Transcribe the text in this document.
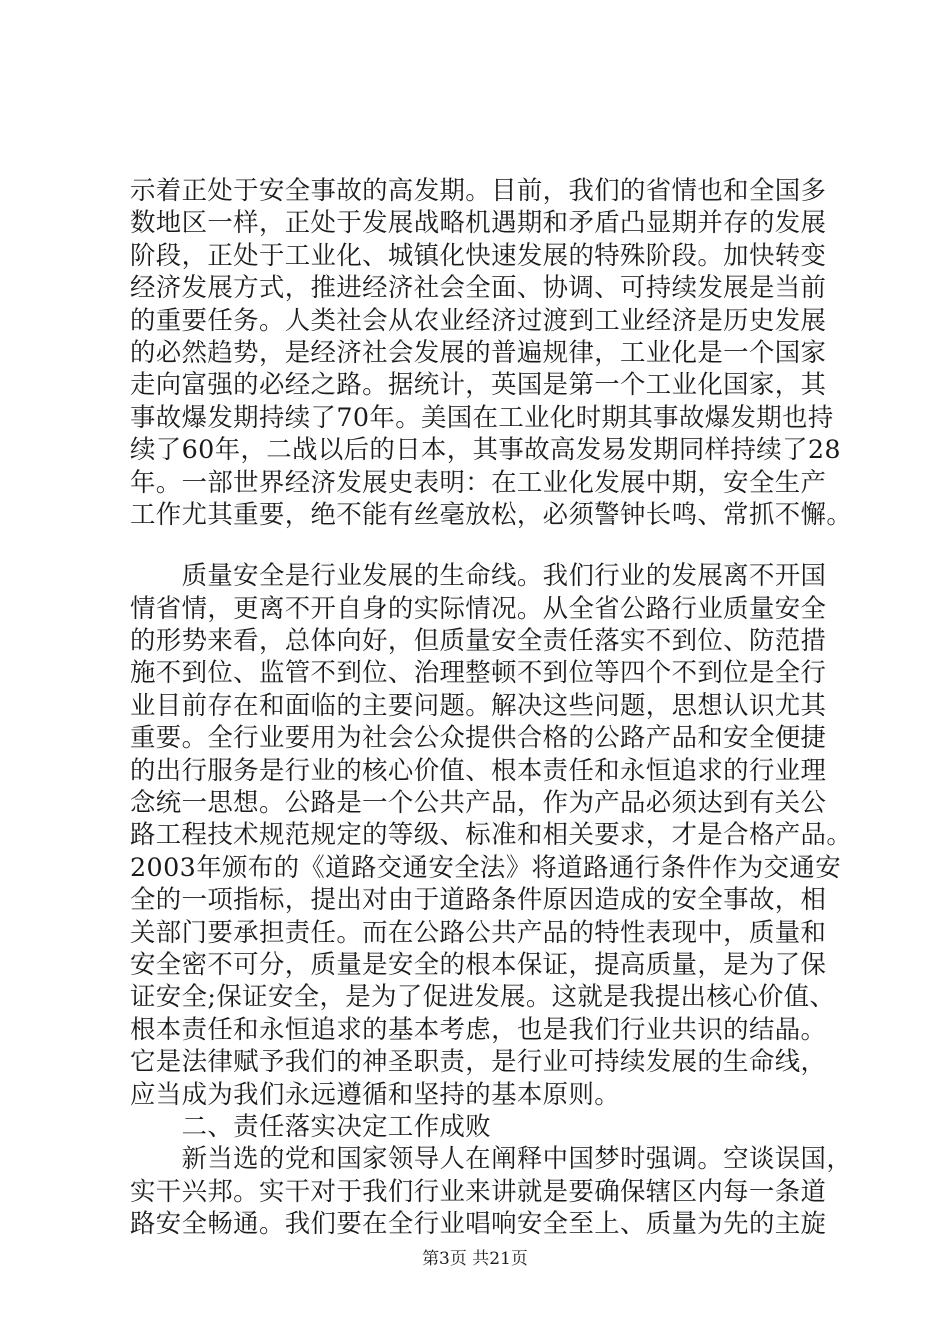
示着正处于安全事故的高发期。目前，我们的省情也和全国多
数地区一样，正处于发展战略机遇期和矛盾凸显期并存的发展
阶段，正处于工业化、城镇化快速发展的特殊阶段。加快转变
经济发展方式，推进经济社会全面、协调、可持续发展是当前
的重要任务。人类社会从农业经济过渡到工业经济是历史发展
的必然趋势，是经济社会发展的普遍规律，工业化是一个国家
走向富强的必经之路。据统计，英国是第一个工业化国家，其
事故爆发期持续了70年。美国在工业化时期其事故爆发期也持
续了60年，二战以后的日本，其事故高发易发期同样持续了28
年。一部世界经济发展史表明：在工业化发展中期，安全生产
工作尤其重要，绝不能有丝毫放松，必须警钟长鸣、常抓不懈。
　　质量安全是行业发展的生命线。我们行业的发展离不开国
情省情，更离不开自身的实际情况。从全省公路行业质量安全
的形势来看，总体向好，但质量安全责任落实不到位、防范措
施不到位、监管不到位、治理整顿不到位等四个不到位是全行
业目前存在和面临的主要问题。解决这些问题，思想认识尤其
重要。全行业要用为社会公众提供合格的公路产品和安全便捷
的出行服务是行业的核心价值、根本责任和永恒追求的行业理
念统一思想。公路是一个公共产品，作为产品必须达到有关公
路工程技术规范规定的等级、标准和相关要求，才是合格产品。
2003年颁布的《道路交通安全法》将道路通行条件作为交通安
全的一项指标，提出对由于道路条件原因造成的安全事故，相
关部门要承担责任。而在公路公共产品的特性表现中，质量和
安全密不可分，质量是安全的根本保证，提高质量，是为了保
证安全;保证安全，是为了促进发展。这就是我提出核心价值、
根本责任和永恒追求的基本考虑，也是我们行业共识的结晶。
它是法律赋予我们的神圣职责，是行业可持续发展的生命线，
应当成为我们永远遵循和坚持的基本原则。
　　二、责任落实决定工作成败
　　新当选的党和国家领导人在阐释中国梦时强调。空谈误国，
实干兴邦。实干对于我们行业来讲就是要确保辖区内每一条道
路安全畅通。我们要在全行业唱响安全至上、质量为先的主旋
第3页 共21页
